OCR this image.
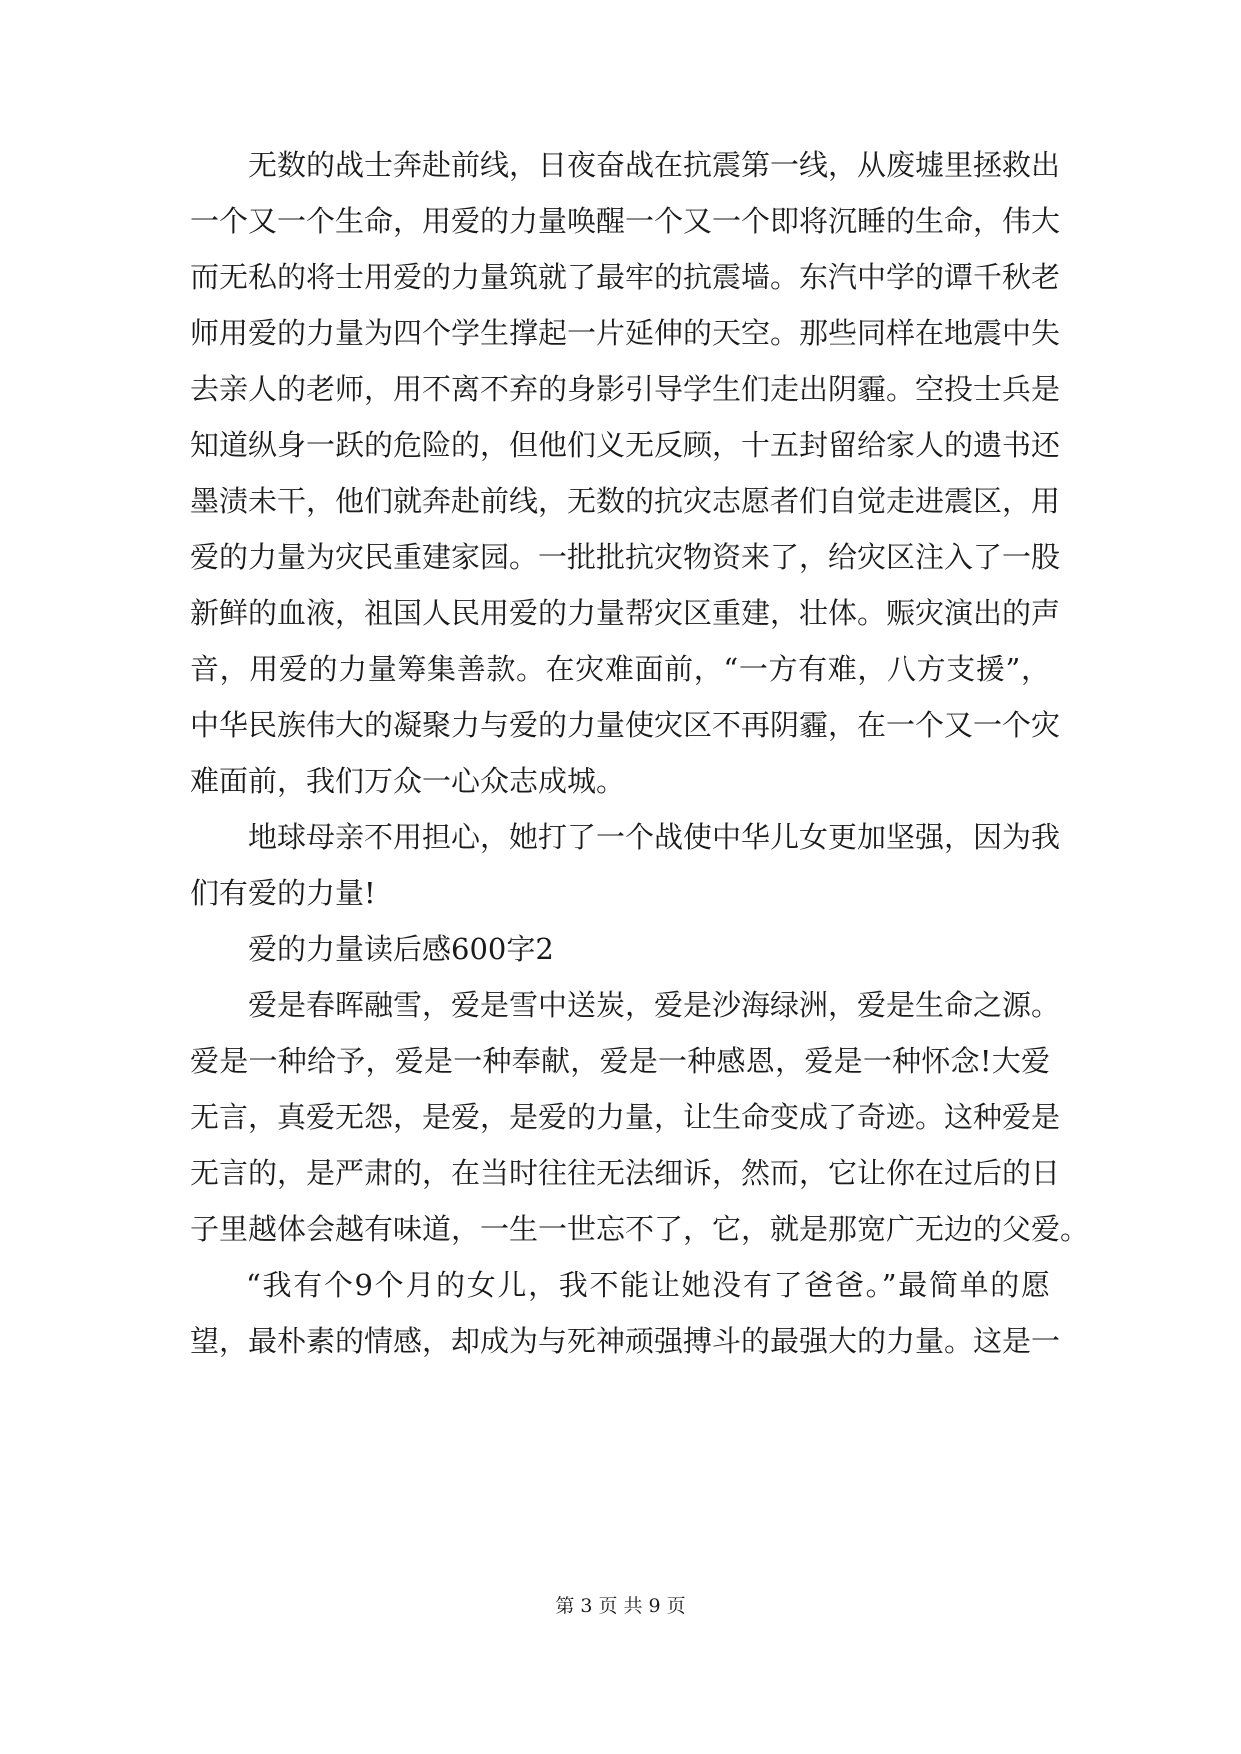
无数的战士奔赴前线，日夜奋战在抗震第一线，从废墟里拯救出
一个又一个生命，用爱的力量唤醒一个又一个即将沉睡的生命，伟大
而无私的将士用爱的力量筑就了最牢的抗震墙。东汽中学的谭千秋老
师用爱的力量为四个学生撑起一片延伸的天空。那些同样在地震中失
去亲人的老师，用不离不弃的身影引导学生们走出阴霾。空投士兵是
知道纵身一跃的危险的，但他们义无反顾，十五封留给家人的遗书还
墨渍未干，他们就奔赴前线，无数的抗灾志愿者们自觉走进震区，用
爱的力量为灾民重建家园。一批批抗灾物资来了，给灾区注入了一股
新鲜的血液，祖国人民用爱的力量帮灾区重建，壮体。赈灾演出的声
音，用爱的力量筹集善款。在灾难面前，“一方有难，八方支援”，
中华民族伟大的凝聚力与爱的力量使灾区不再阴霾，在一个又一个灾
难面前，我们万众一心众志成城。
地球母亲不用担心，她打了一个战使中华儿女更加坚强，因为我
们有爱的力量!
爱的力量读后感600字2
爱是春晖融雪，爱是雪中送炭，爱是沙海绿洲，爱是生命之源。
爱是一种给予，爱是一种奉献，爱是一种感恩，爱是一种怀念!大爱
无言，真爱无怨，是爱，是爱的力量，让生命变成了奇迹。这种爱是
无言的，是严肃的，在当时往往无法细诉，然而，它让你在过后的日
子里越体会越有味道，一生一世忘不了，它，就是那宽广无边的父爱。
“我有个9个月的女儿，我不能让她没有了爸爸。”最简单的愿
望，最朴素的情感，却成为与死神顽强搏斗的最强大的力量。这是一
第 3 页 共 9 页
